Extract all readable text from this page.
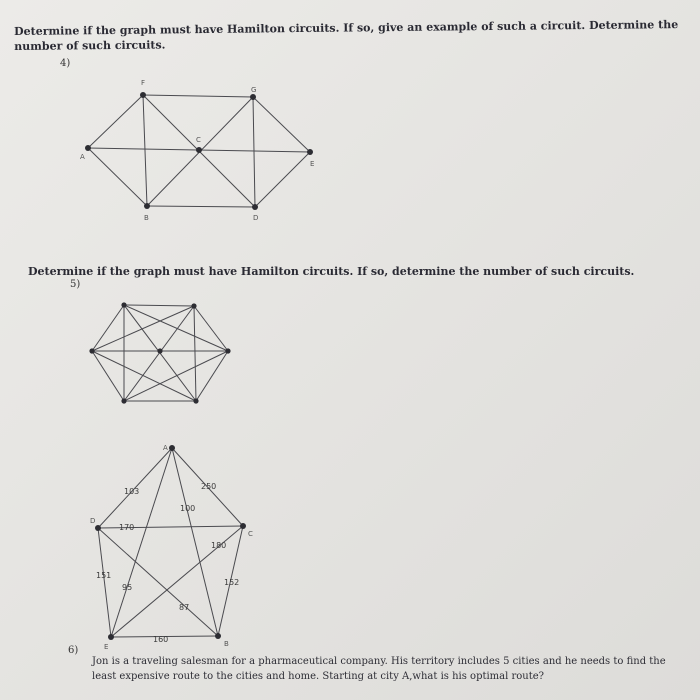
Determine if the graph must have Hamilton circuits. If so, give an example of such a circuit. Determine the number of such circuits.
4)
A
F
G
C
E
B	D
Determine if the graph must have Hamilton circuits. If so, determine the number of such circuits.
5)
A
D
C
E	B
103
250
100
170
180
151
95
87
152
160
6)
Jon is a traveling salesman for a pharmaceutical company. His territory includes 5 cities and he needs to find the least expensive route to the cities and home. Starting at city A,what is his optimal route?
